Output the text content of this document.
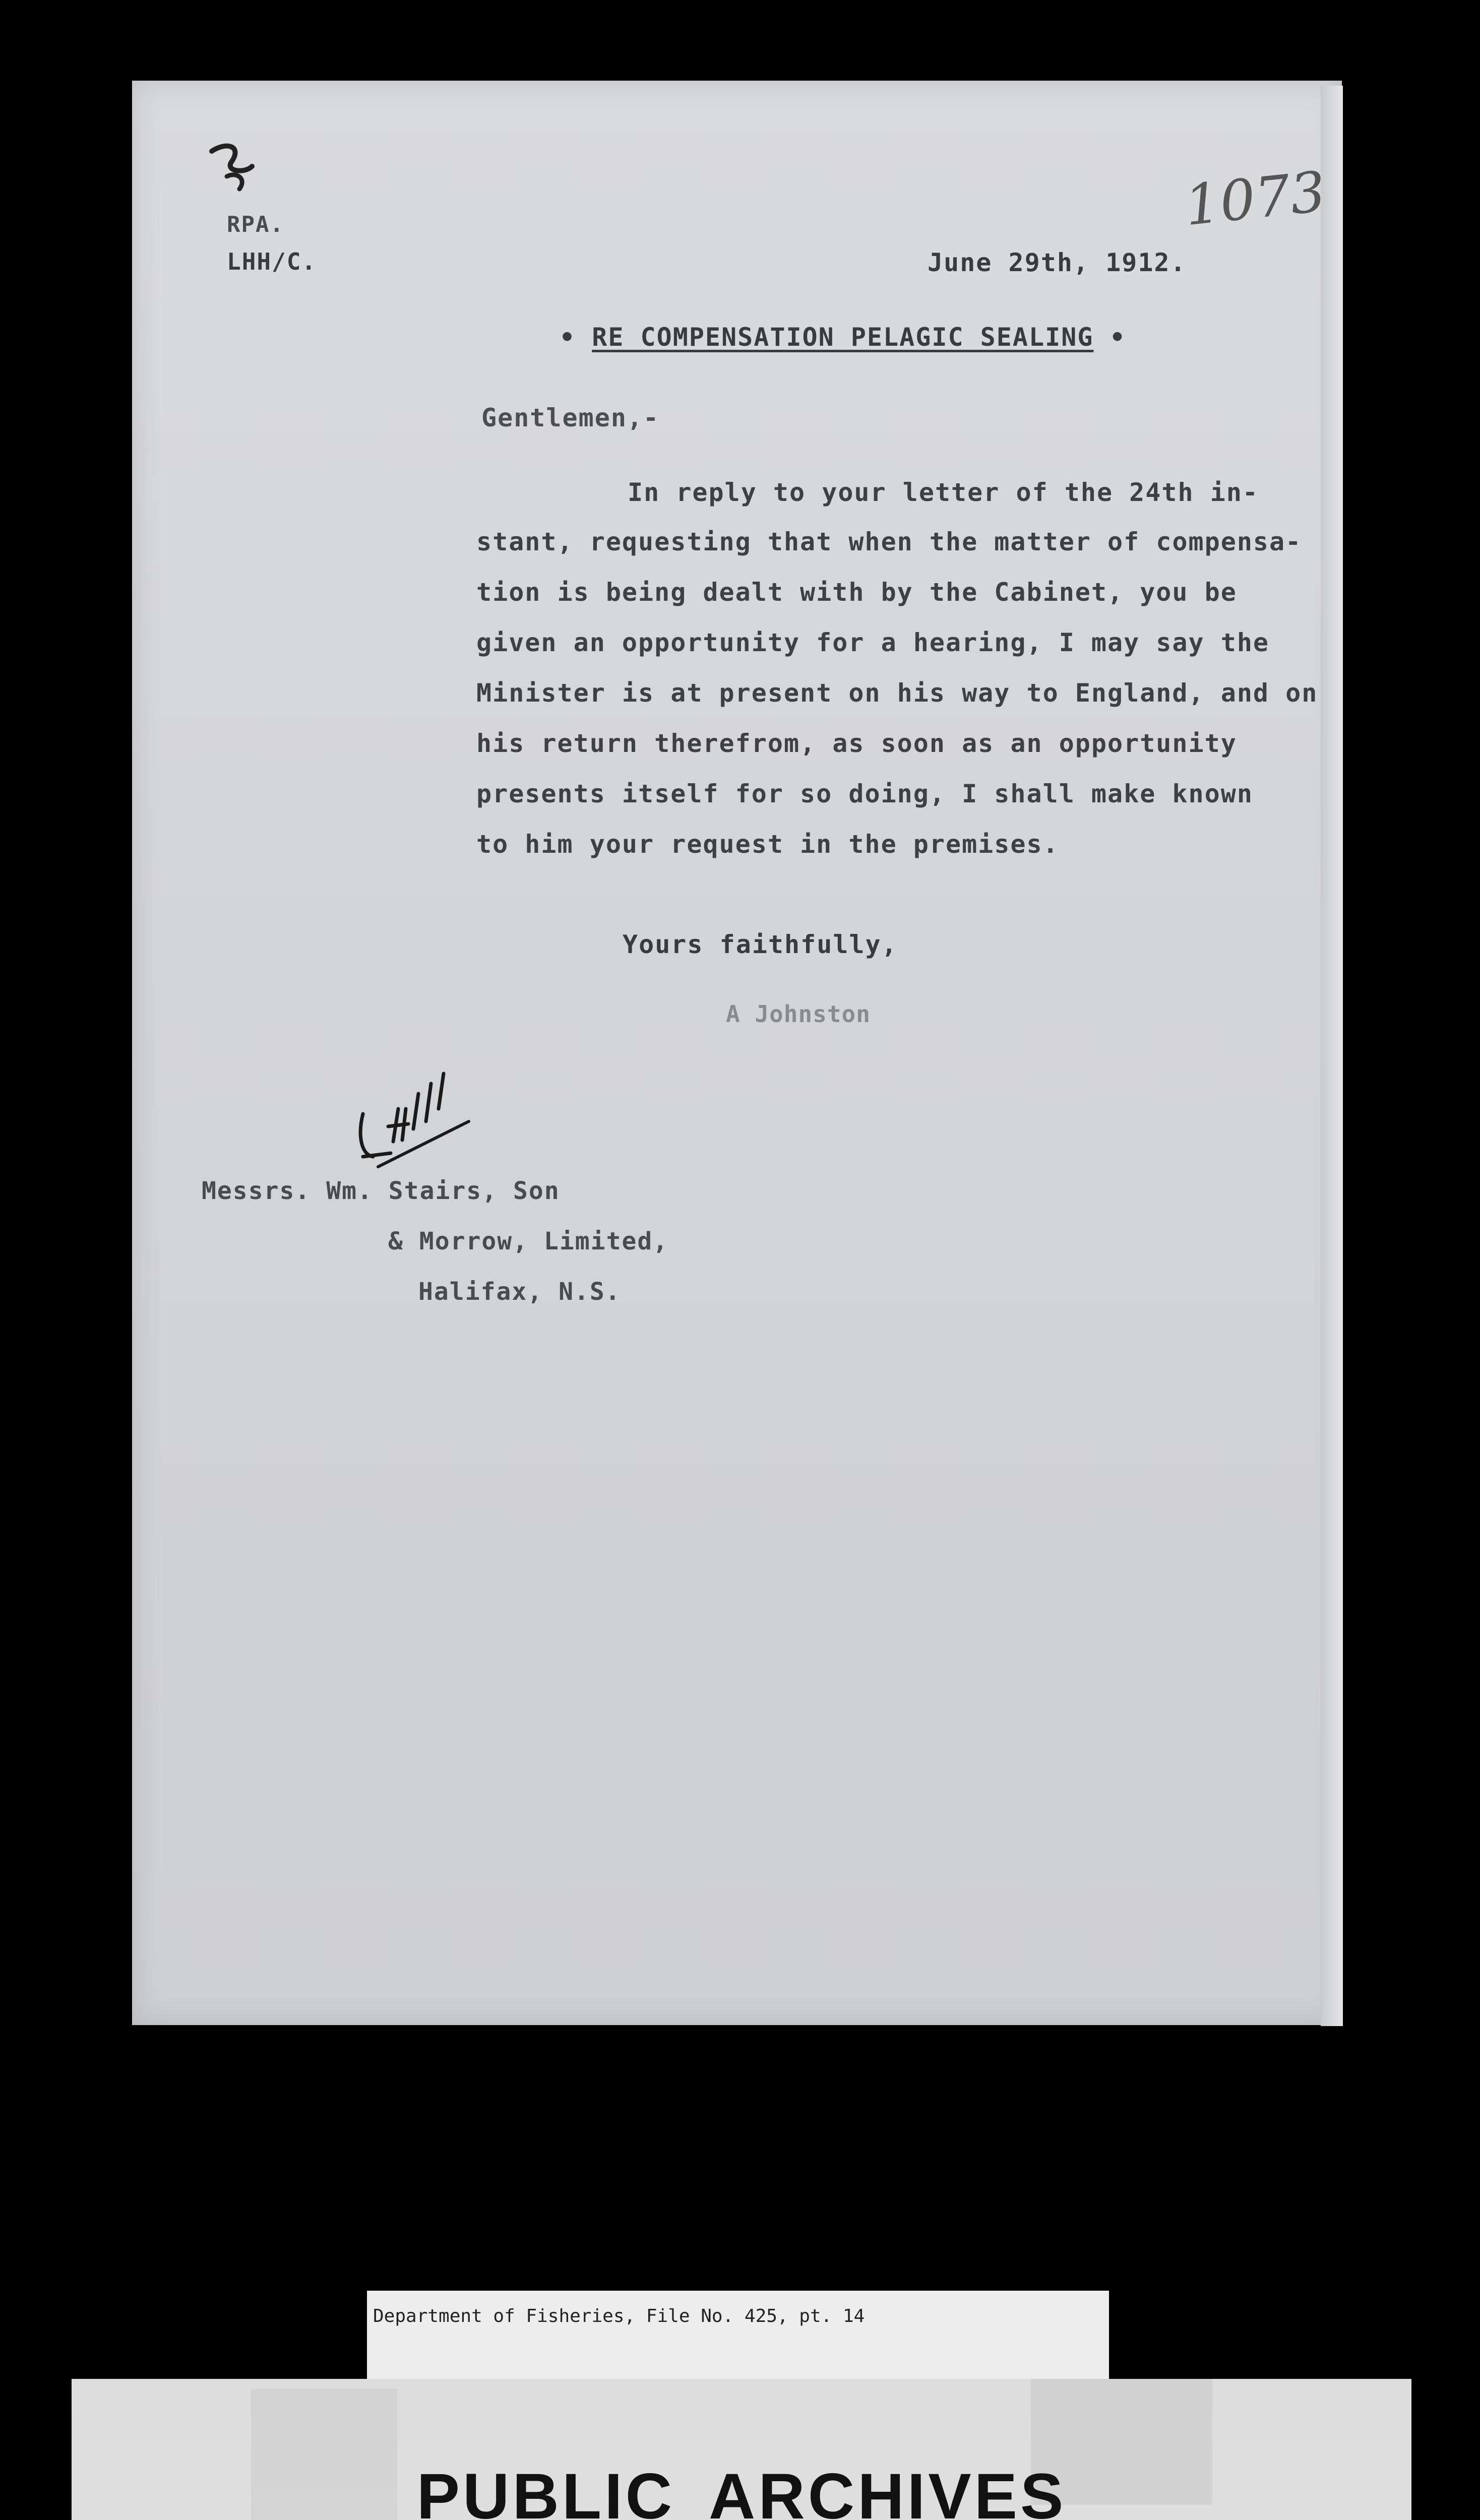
1073
RPA.
LHH/C.	June 29th, 1912.
• RE COMPENSATION PELAGIC SEALING •
Gentlemen,-
In reply to your letter of the 24th in-
stant, requesting that when the matter of compensa-
tion is being dealt with by the Cabinet, you be
given an opportunity for a hearing, I may say the
Minister is at present on his way to England, and on
his return therefrom, as soon as an opportunity
presents itself for so doing, I shall make known
to him your request in the premises.
Yours faithfully,
A Johnston
Messrs. Wm. Stairs, Son
& Morrow, Limited,
Halifax, N.S.
Department of Fisheries, File No. 425, pt. 14
PUBLIC ARCHIVES
